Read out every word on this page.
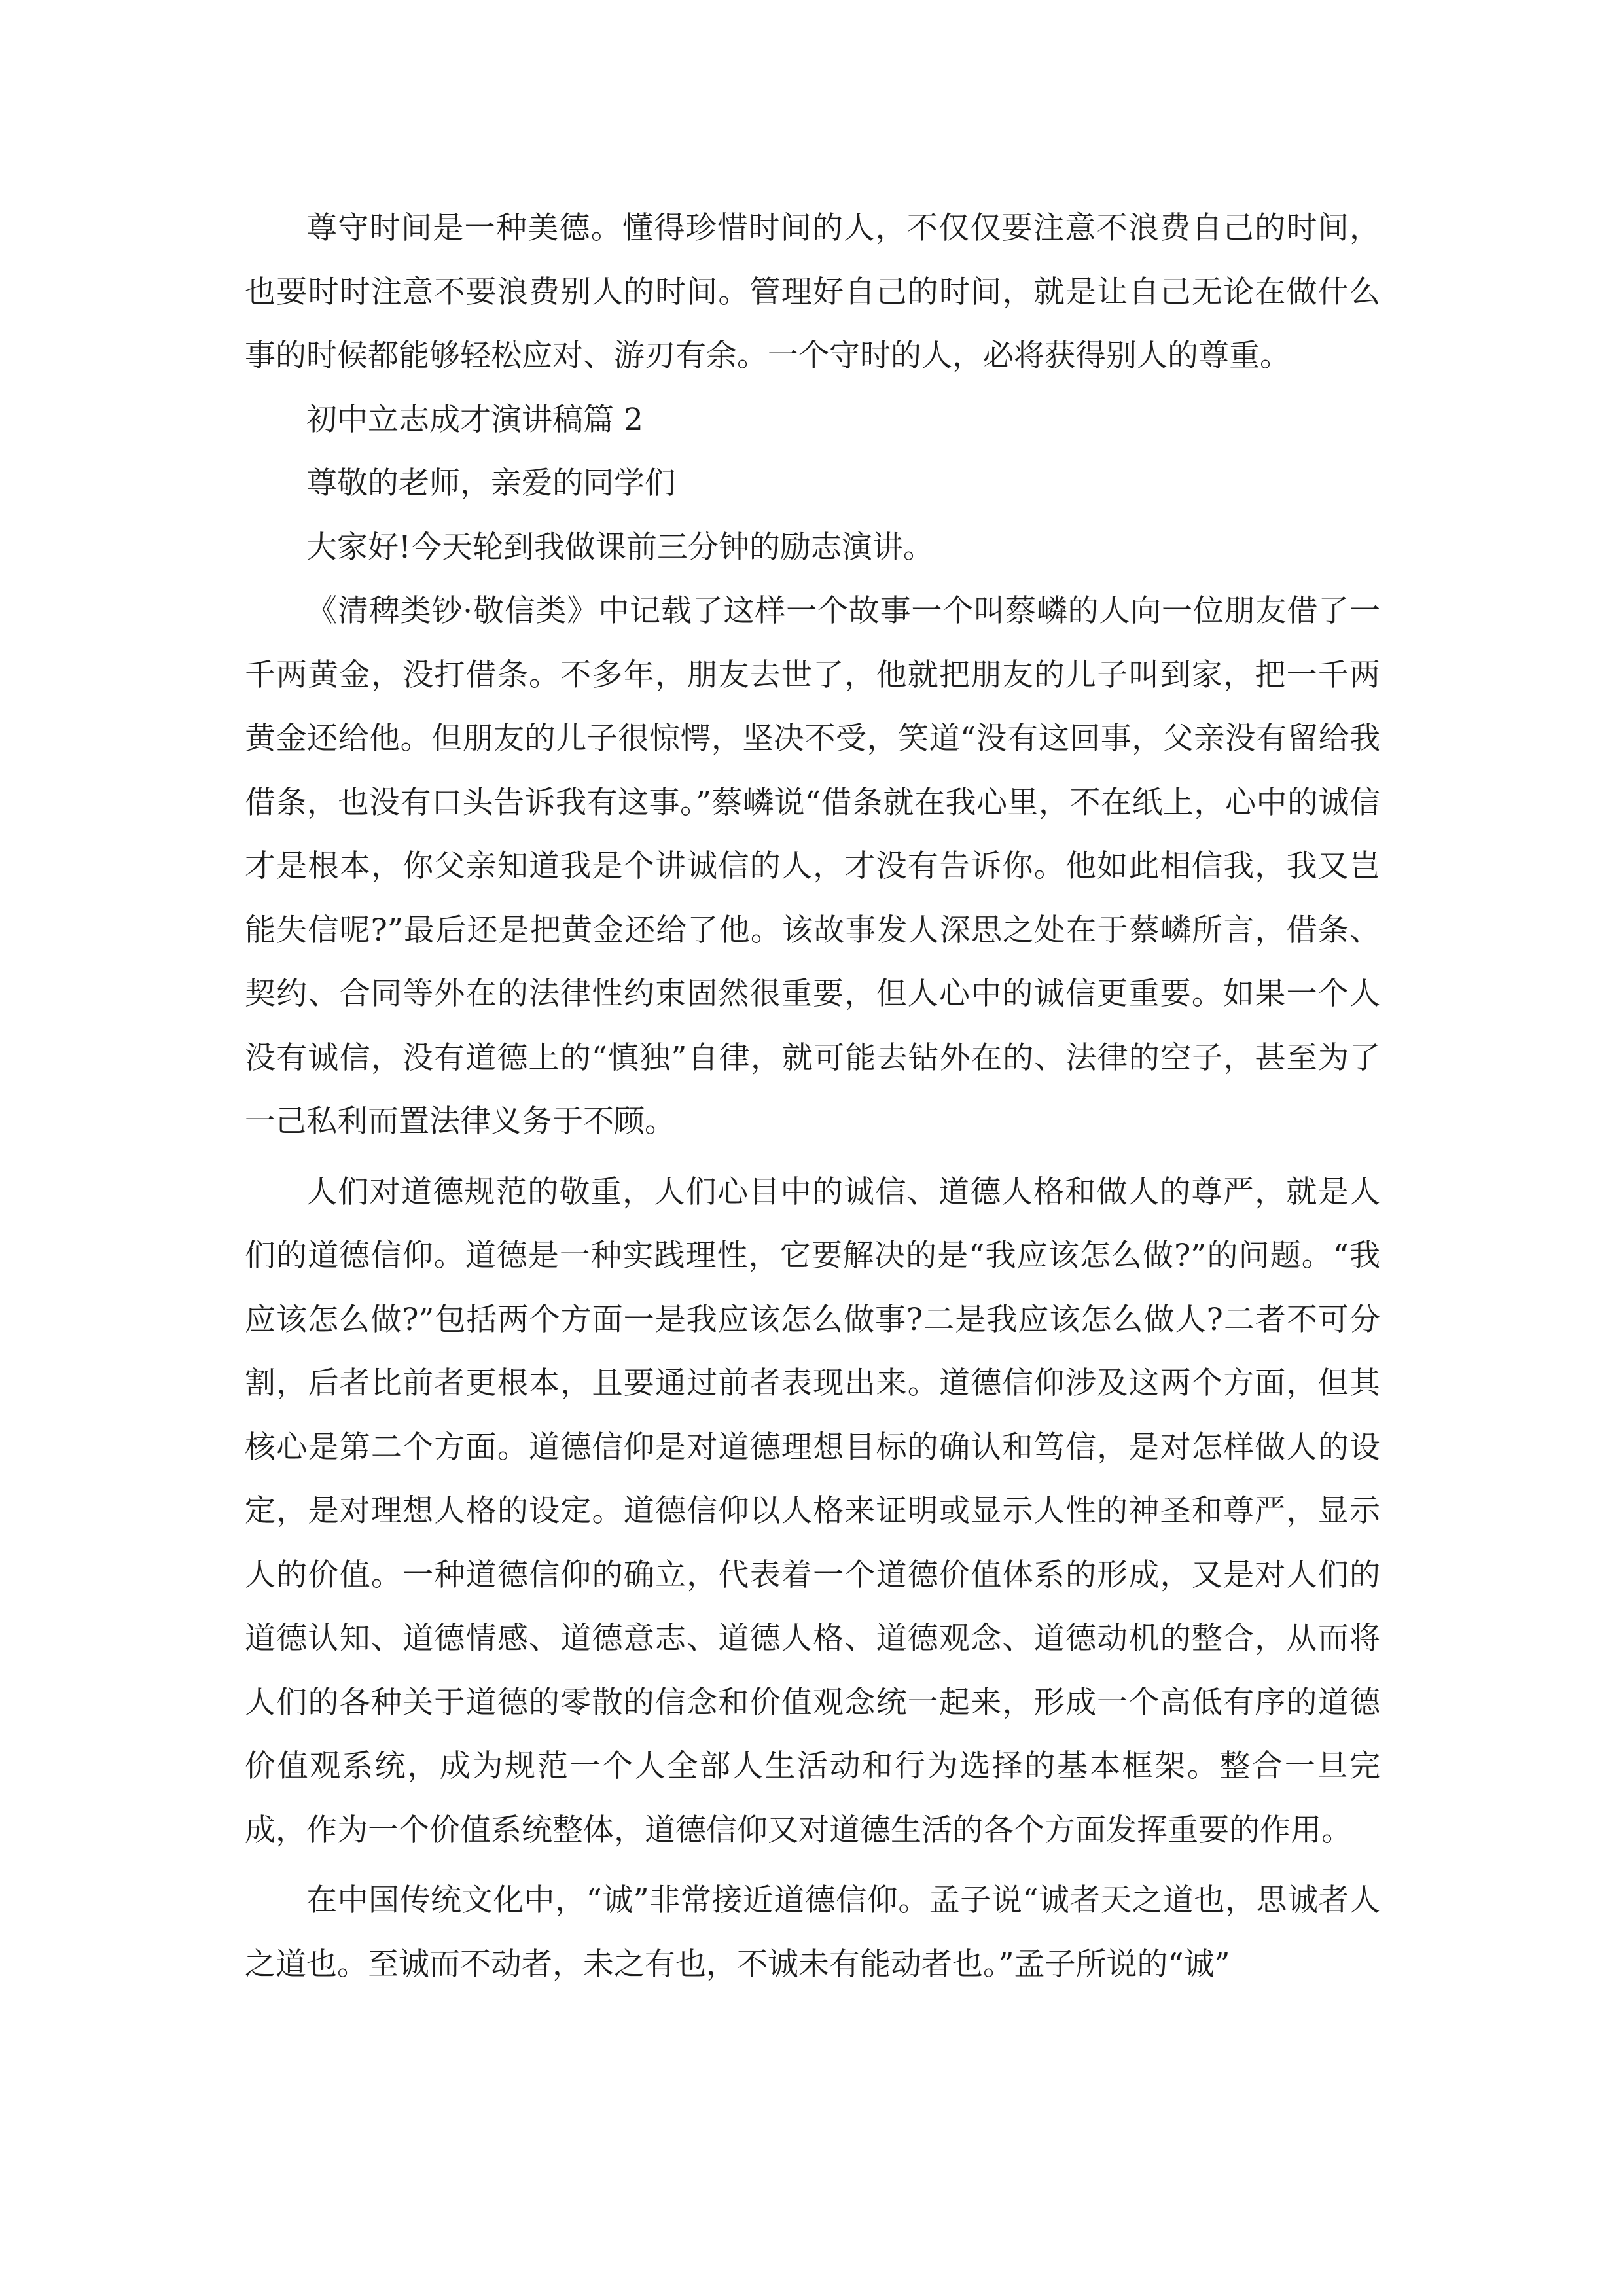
尊守时间是一种美德。懂得珍惜时间的人，不仅仅要注意不浪费自己的时间，也要时时注意不要浪费别人的时间。管理好自己的时间，就是让自己无论在做什么事的时候都能够轻松应对、游刃有余。一个守时的人，必将获得别人的尊重。

初中立志成才演讲稿篇 2

尊敬的老师，亲爱的同学们

大家好!今天轮到我做课前三分钟的励志演讲。

《清稗类钞·敬信类》中记载了这样一个故事一个叫蔡嶙的人向一位朋友借了一千两黄金，没打借条。不多年，朋友去世了，他就把朋友的儿子叫到家，把一千两黄金还给他。但朋友的儿子很惊愕，坚决不受，笑道“没有这回事，父亲没有留给我借条，也没有口头告诉我有这事。”蔡嶙说“借条就在我心里，不在纸上，心中的诚信才是根本，你父亲知道我是个讲诚信的人，才没有告诉你。他如此相信我，我又岂能失信呢?”最后还是把黄金还给了他。该故事发人深思之处在于蔡嶙所言，借条、契约、合同等外在的法律性约束固然很重要，但人心中的诚信更重要。如果一个人没有诚信，没有道德上的“慎独”自律，就可能去钻外在的、法律的空子，甚至为了一己私利而置法律义务于不顾。

人们对道德规范的敬重，人们心目中的诚信、道德人格和做人的尊严，就是人们的道德信仰。道德是一种实践理性，它要解决的是“我应该怎么做?”的问题。“我应该怎么做?”包括两个方面一是我应该怎么做事?二是我应该怎么做人?二者不可分割，后者比前者更根本，且要通过前者表现出来。道德信仰涉及这两个方面，但其核心是第二个方面。道德信仰是对道德理想目标的确认和笃信，是对怎样做人的设定，是对理想人格的设定。道德信仰以人格来证明或显示人性的神圣和尊严，显示人的价值。一种道德信仰的确立，代表着一个道德价值体系的形成，又是对人们的道德认知、道德情感、道德意志、道德人格、道德观念、道德动机的整合，从而将人们的各种关于道德的零散的信念和价值观念统一起来，形成一个高低有序的道德价值观系统，成为规范一个人全部人生活动和行为选择的基本框架。整合一旦完成，作为一个价值系统整体，道德信仰又对道德生活的各个方面发挥重要的作用。

在中国传统文化中，“诚”非常接近道德信仰。孟子说“诚者天之道也，思诚者人之道也。至诚而不动者，未之有也，不诚未有能动者也。”孟子所说的“诚”
